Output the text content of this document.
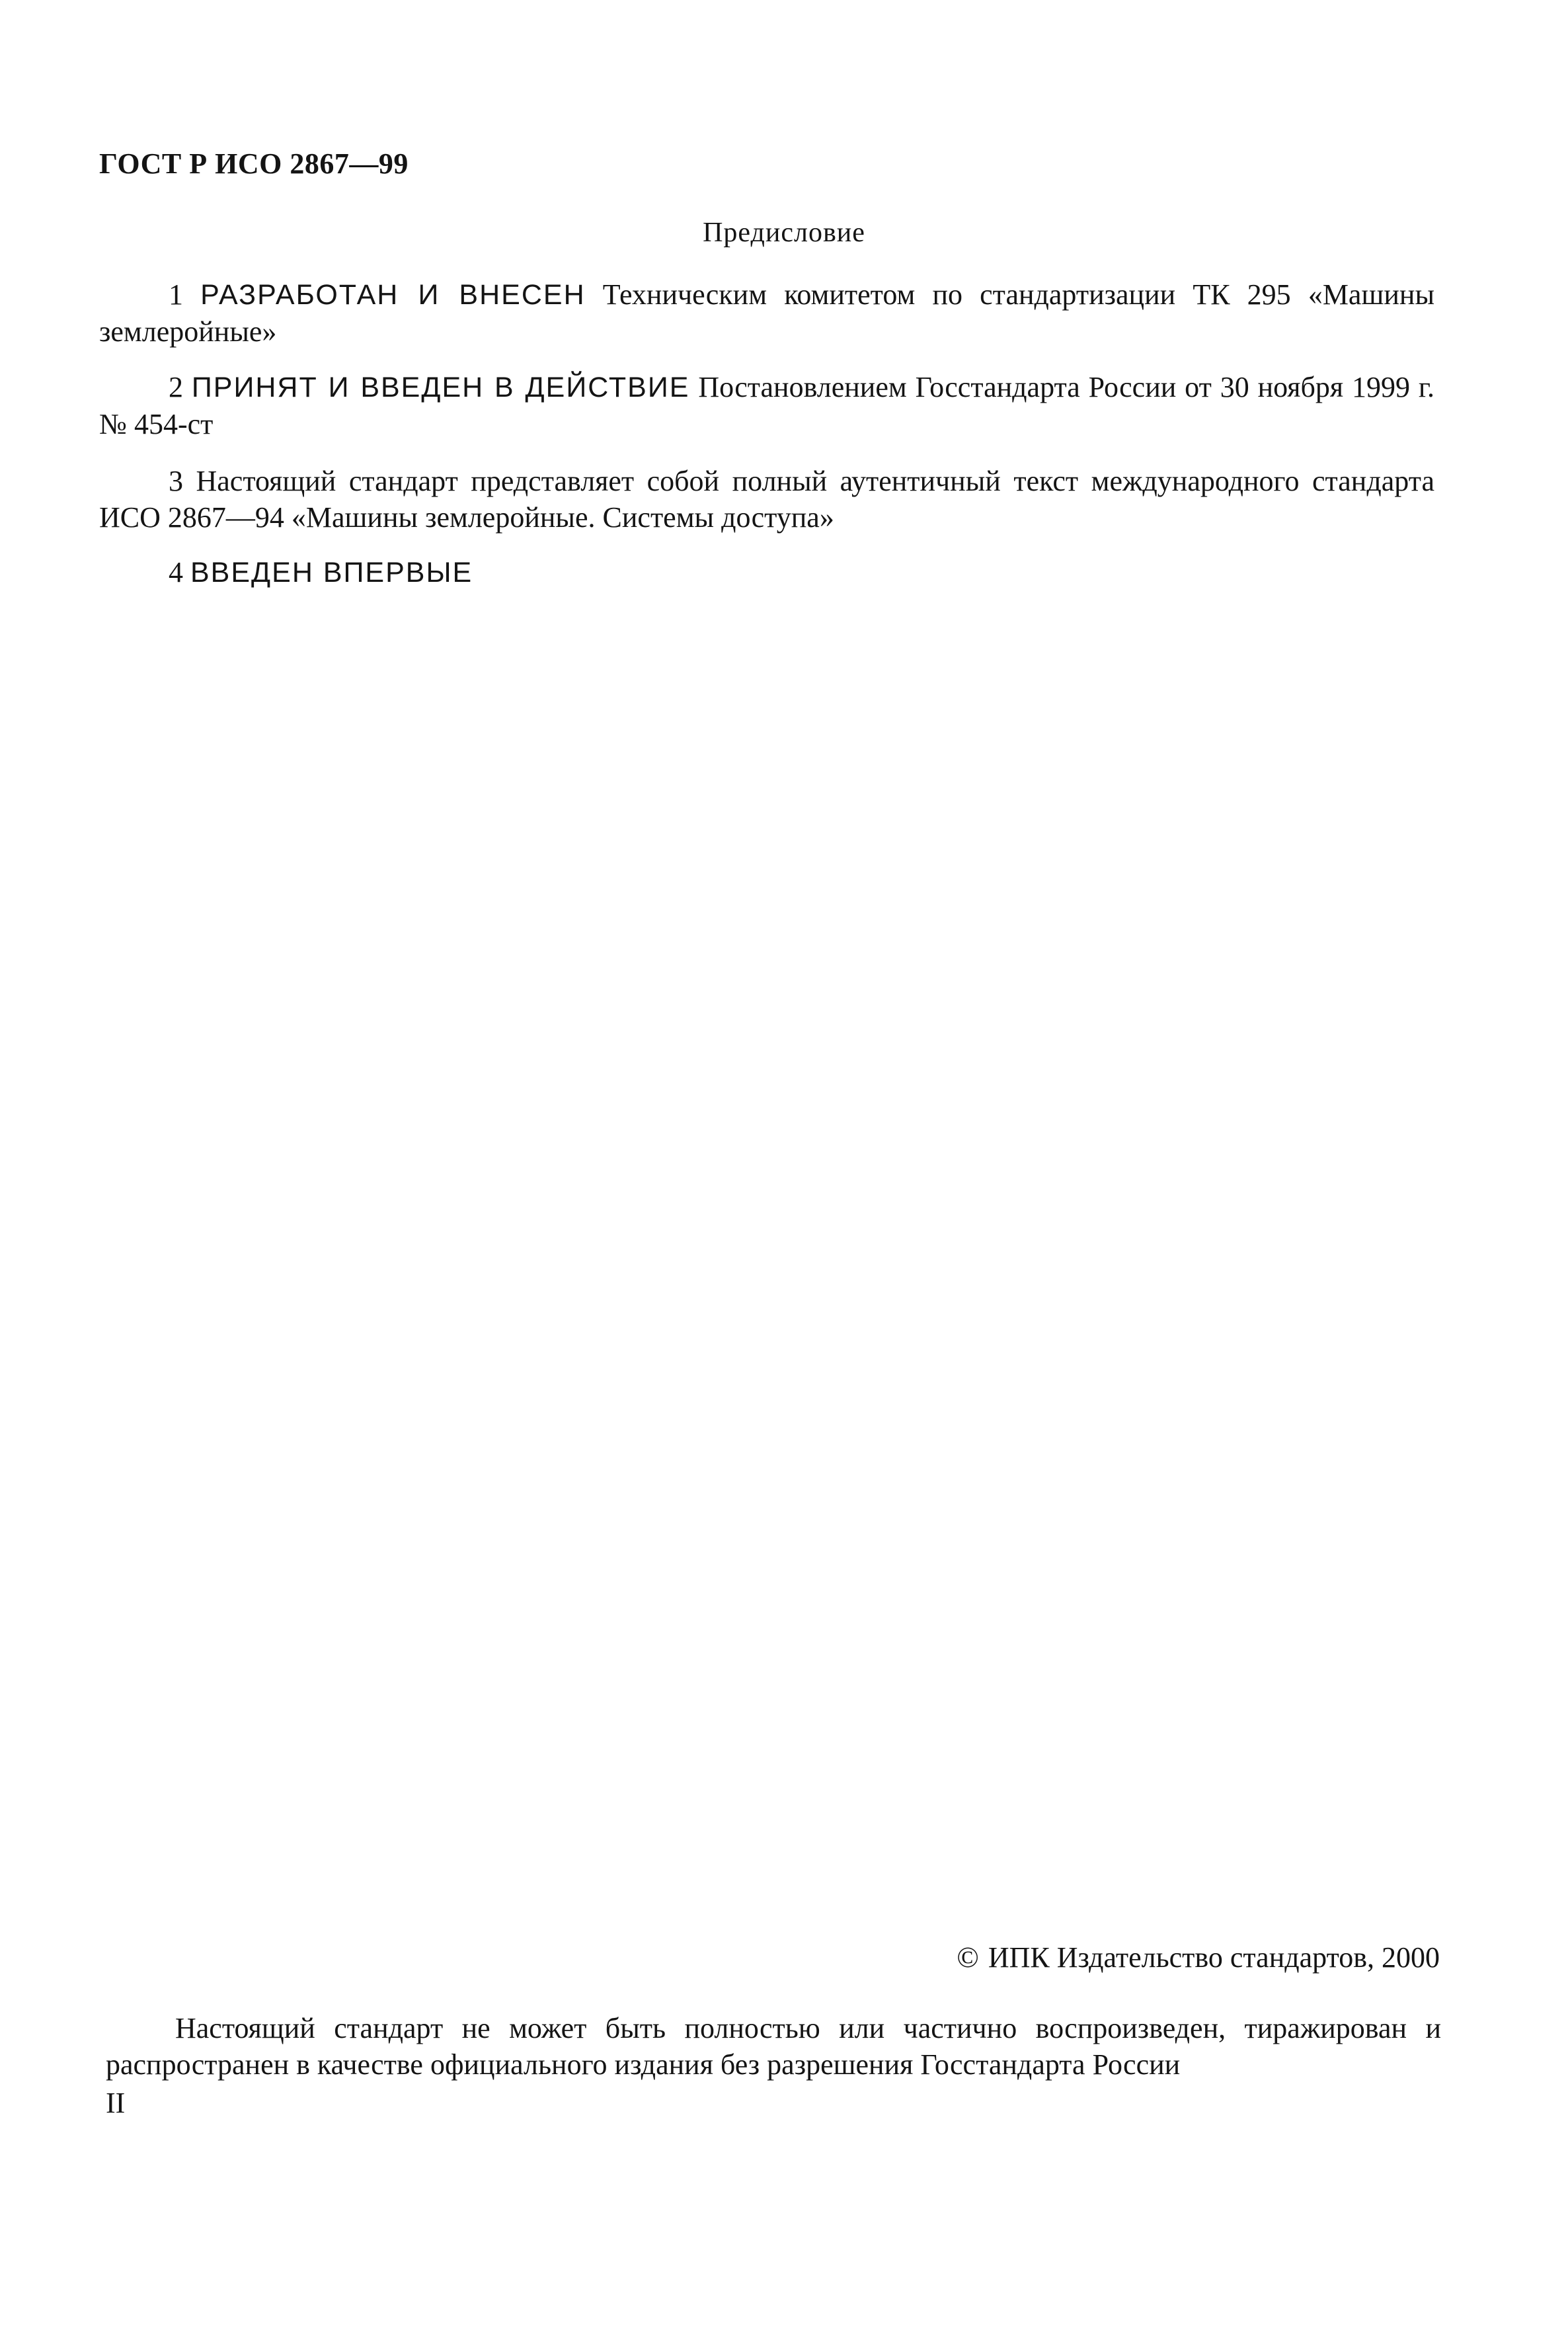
ГОСТ Р ИСО 2867—99
Предисловие
1 РАЗРАБОТАН И ВНЕСЕН Техническим комитетом по стандартизации ТК 295 «Машины землеройные»
2 ПРИНЯТ И ВВЕДЕН В ДЕЙСТВИЕ Постановлением Госстандарта России от 30 ноября 1999 г. № 454-ст
3 Настоящий стандарт представляет собой полный аутентичный текст международного стандарта ИСО 2867—94 «Машины землеройные. Системы доступа»
4 ВВЕДЕН ВПЕРВЫЕ
© ИПК Издательство стандартов, 2000
Настоящий стандарт не может быть полностью или частично воспроизведен, тиражирован и распространен в качестве официального издания без разрешения Госстандарта России
II
